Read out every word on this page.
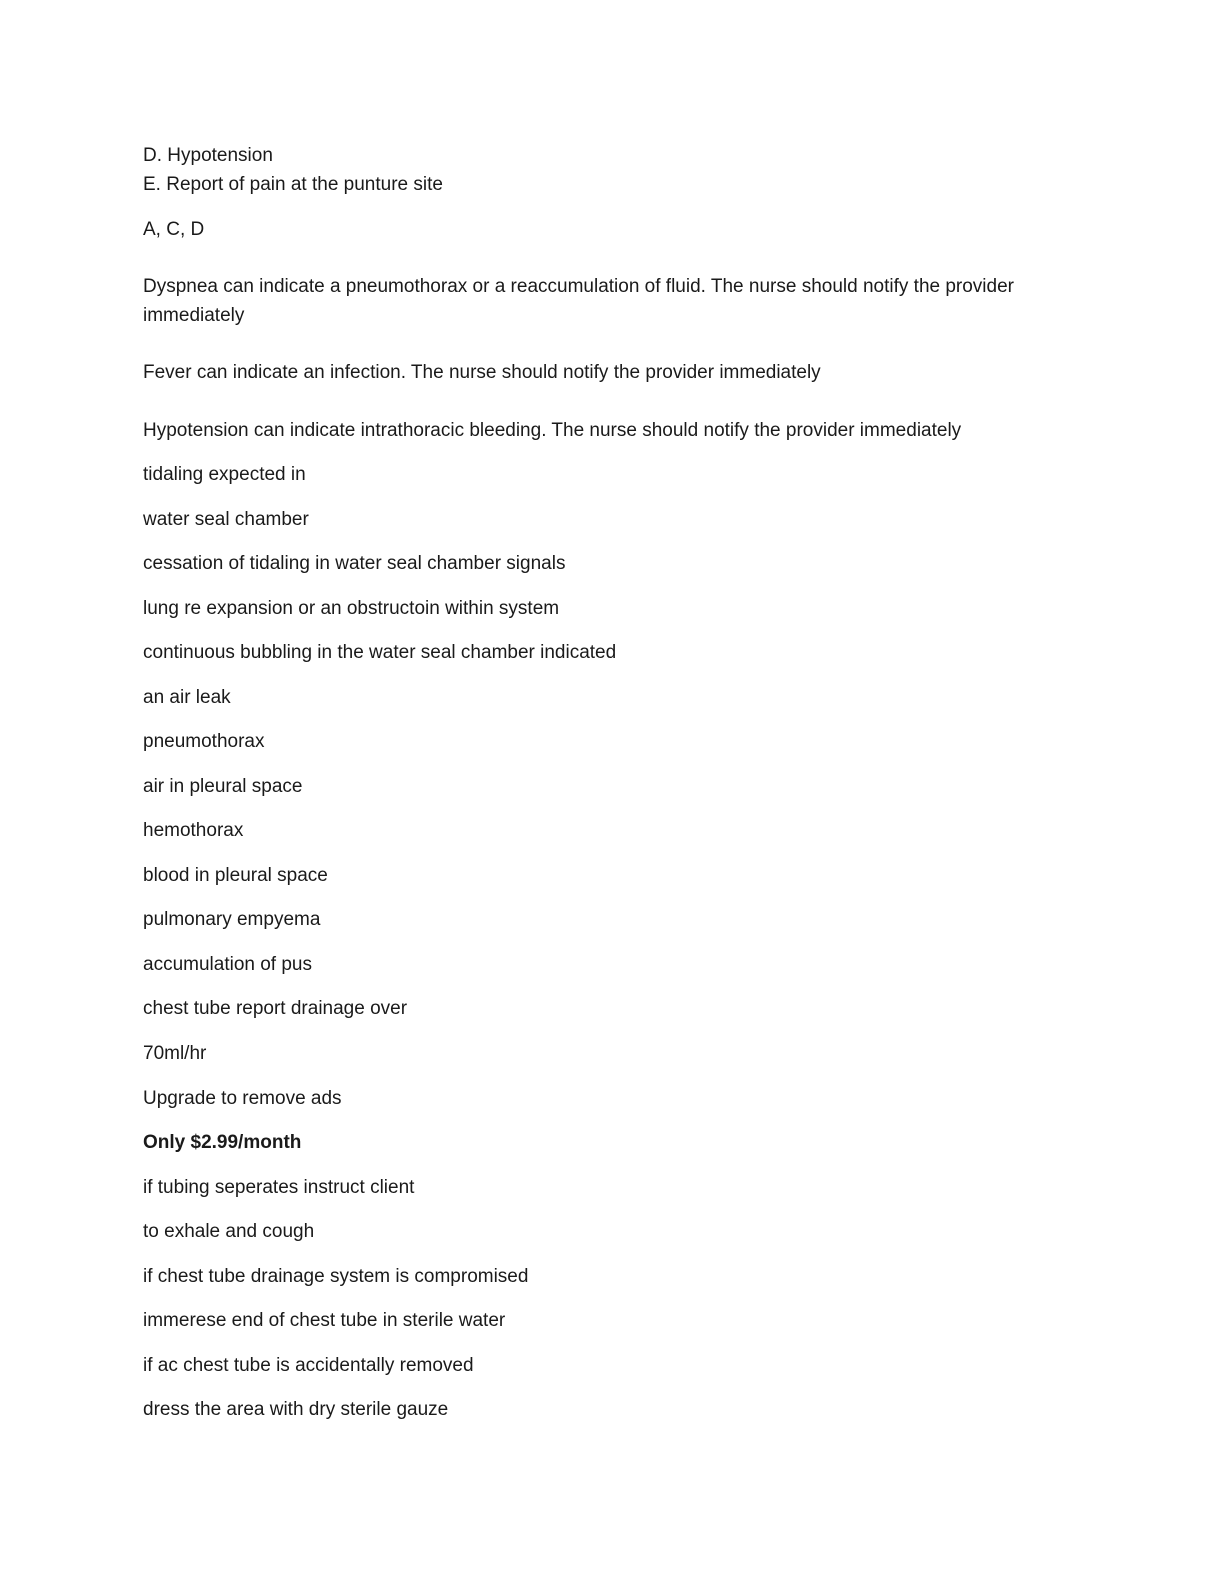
D. Hypotension
E. Report of pain at the punture site
A, C, D
Dyspnea can indicate a pneumothorax or a reaccumulation of fluid. The nurse should notify the provider immediately
Fever can indicate an infection. The nurse should notify the provider immediately
Hypotension can indicate intrathoracic bleeding. The nurse should notify the provider immediately
tidaling expected in
water seal chamber
cessation of tidaling in water seal chamber signals
lung re expansion or an obstructoin within system
continuous bubbling in the water seal chamber indicated
an air leak
pneumothorax
air in pleural space
hemothorax
blood in pleural space
pulmonary empyema
accumulation of pus
chest tube report drainage over
70ml/hr
Upgrade to remove ads
Only $2.99/month
if tubing seperates instruct client
to exhale and cough
if chest tube drainage system is compromised
immerese end of chest tube in sterile water
if ac chest tube is accidentally removed
dress the area with dry sterile gauze
